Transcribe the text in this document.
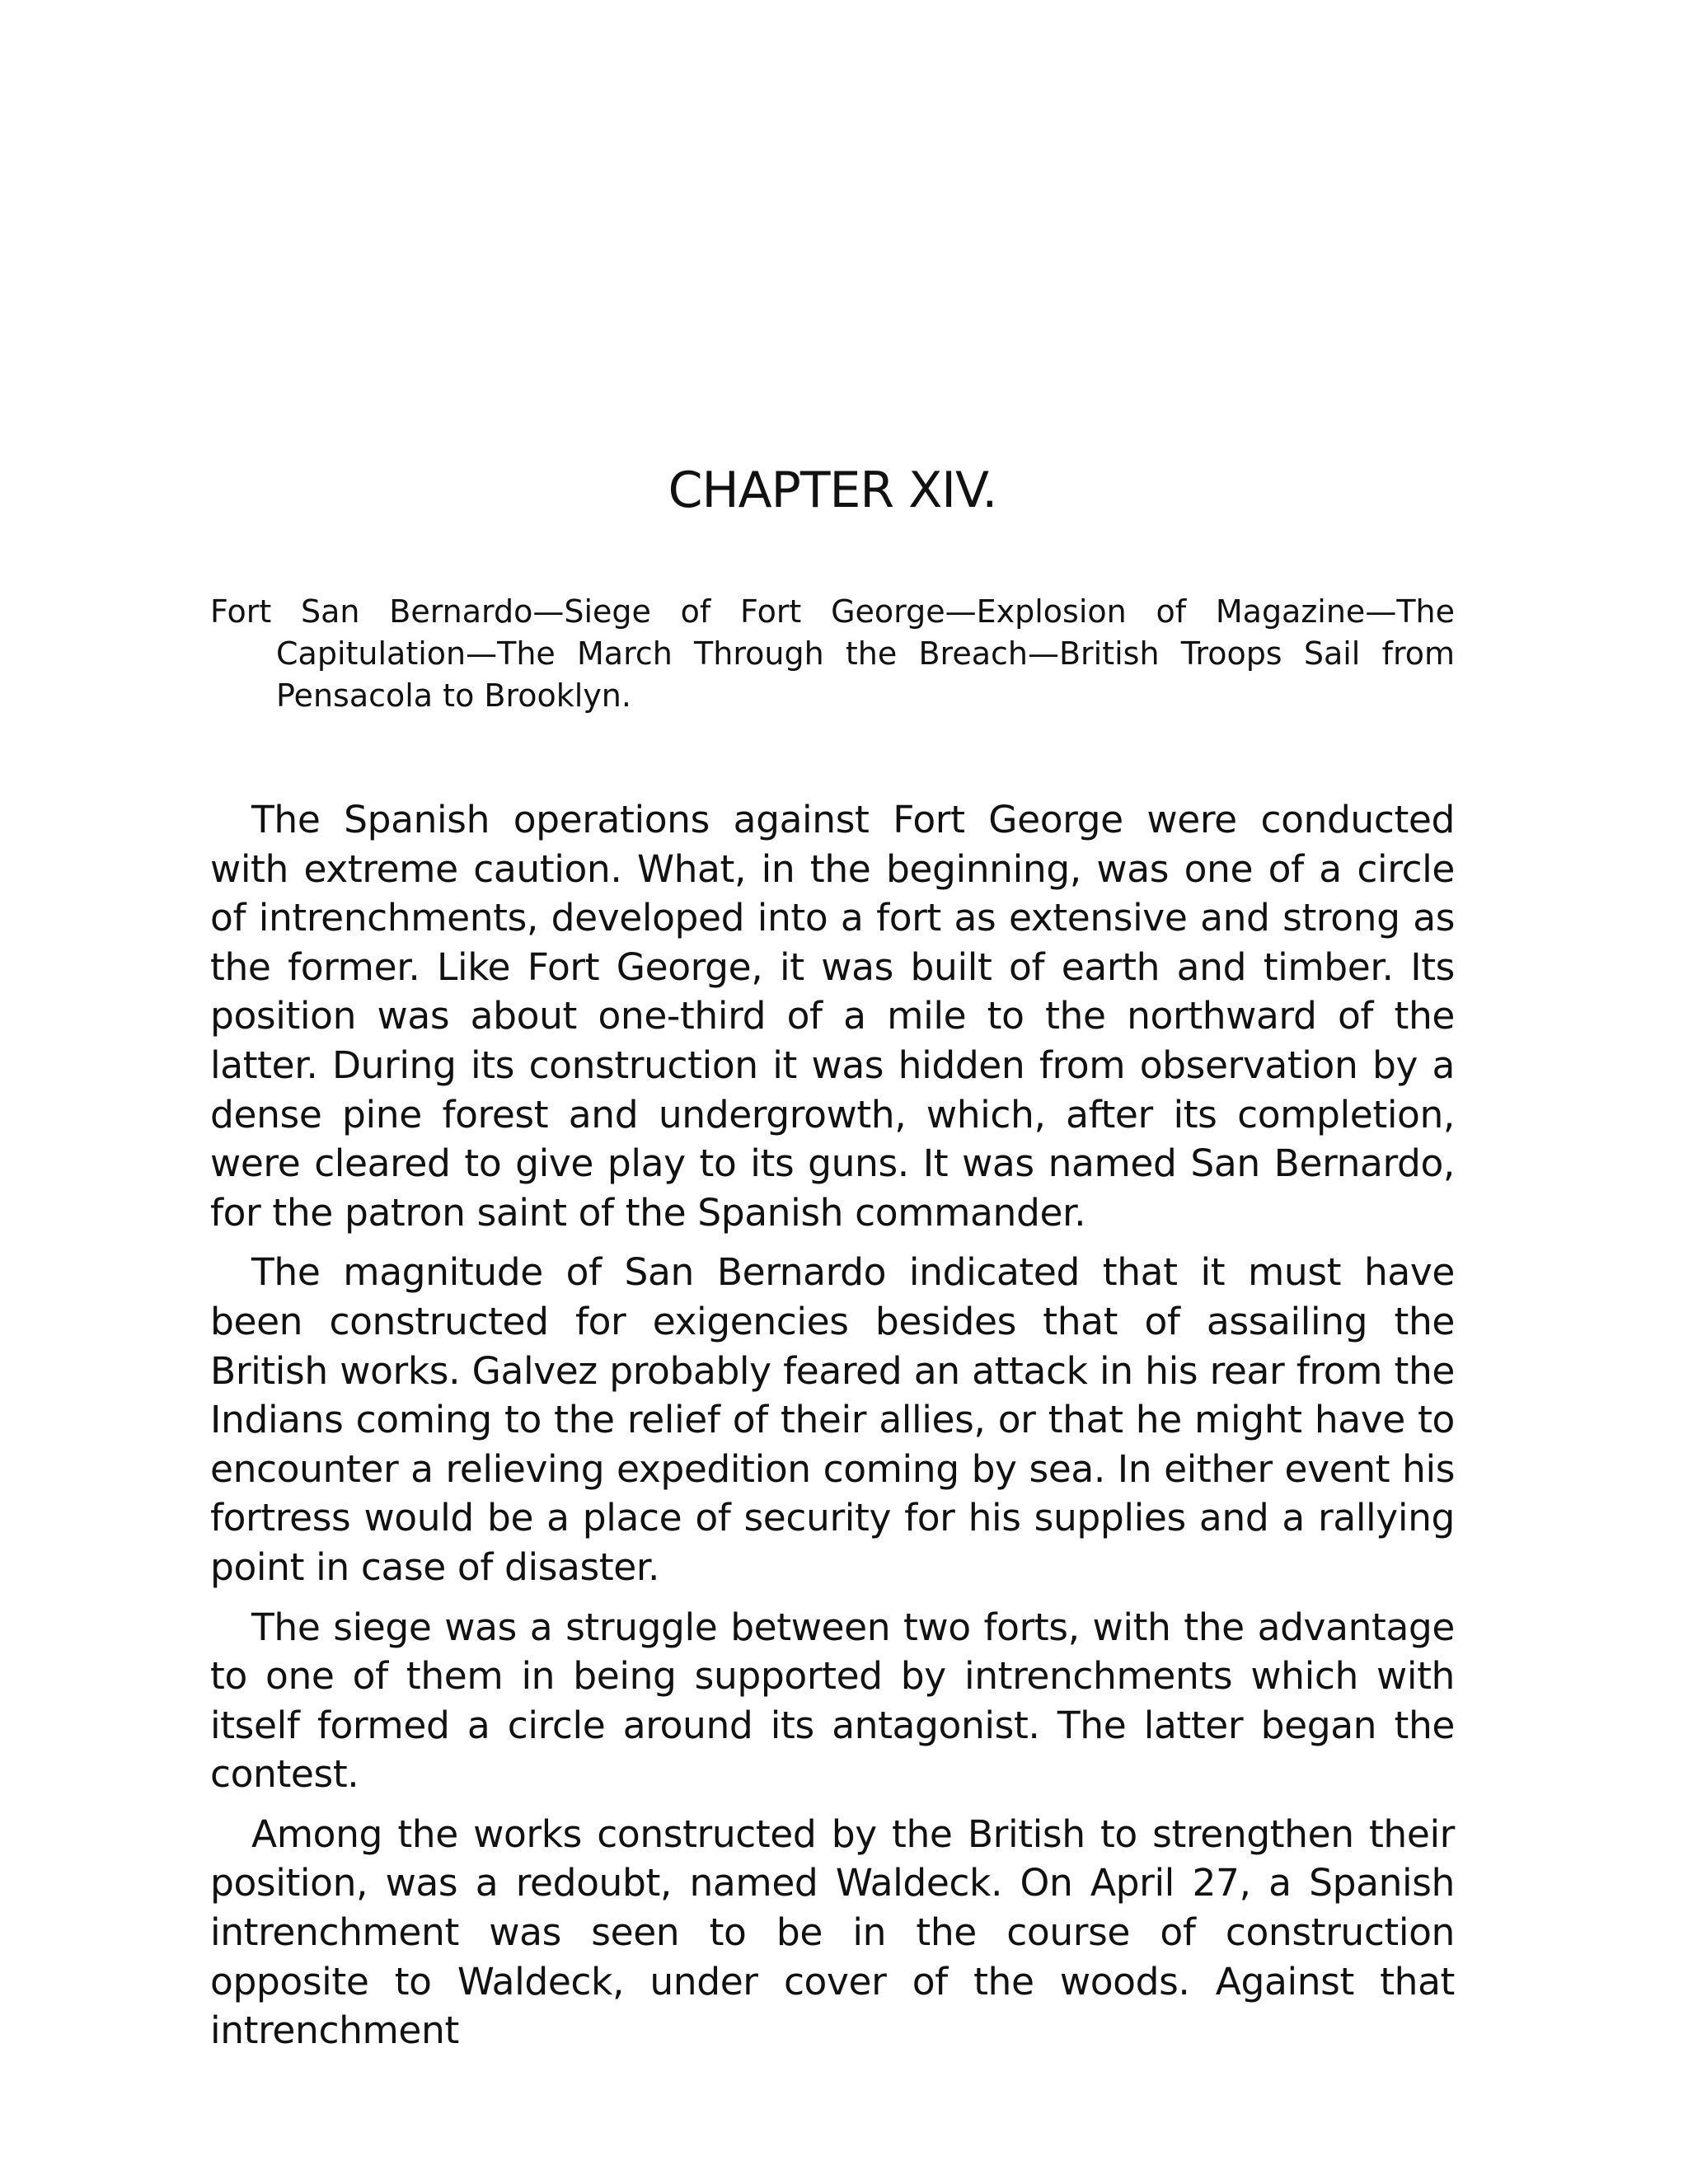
CHAPTER XIV.

Fort San Bernardo—Siege of Fort George—Explosion of Magazine—The Capitulation—The March Through the Breach—British Troops Sail from Pensacola to Brooklyn.

The Spanish operations against Fort George were conducted with extreme caution. What, in the beginning, was one of a circle of intrenchments, developed into a fort as extensive and strong as the former. Like Fort George, it was built of earth and timber. Its position was about one-third of a mile to the northward of the latter. During its construction it was hidden from observation by a dense pine forest and undergrowth, which, after its completion, were cleared to give play to its guns. It was named San Bernardo, for the patron saint of the Spanish commander.

The magnitude of San Bernardo indicated that it must have been constructed for exigencies besides that of assailing the British works. Galvez probably feared an attack in his rear from the Indians coming to the relief of their allies, or that he might have to encounter a relieving expedition coming by sea. In either event his fortress would be a place of security for his supplies and a rallying point in case of disaster.

The siege was a struggle between two forts, with the advantage to one of them in being supported by intrenchments which with itself formed a circle around its antagonist. The latter began the contest.

Among the works constructed by the British to strengthen their position, was a redoubt, named Waldeck. On April 27, a Spanish intrenchment was seen to be in the course of construction opposite to Waldeck, under cover of the woods. Against that intrenchment
